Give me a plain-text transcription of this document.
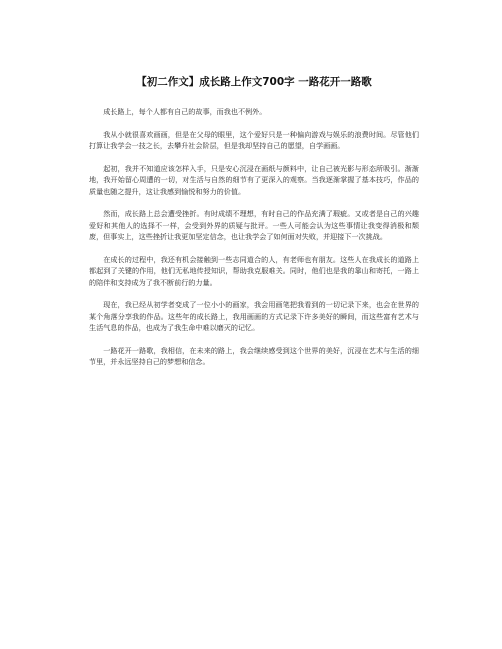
【初二作文】成长路上作文700字 一路花开一路歌

成长路上，每个人都有自己的故事，而我也不例外。

我从小就很喜欢画画，但是在父母的眼里，这个爱好只是一种偏向游戏与娱乐的浪费时间。尽管他们打算让我学会一技之长，去攀升社会阶层，但是我却坚持自己的愿望，自学画画。

起初，我并不知道应该怎样入手，只是安心沉浸在画纸与颜料中，让自己被光影与形态所吸引。渐渐地，我开始留心周遭的一切，对生活与自然的细节有了更深入的观察。当我逐渐掌握了基本技巧，作品的质量也随之提升，这让我感到愉悦和努力的价值。

然而，成长路上总会遭受挫折。有时成绩不理想，有时自己的作品充满了瑕疵。又或者是自己的兴趣爱好和其他人的选择不一样，会受到外界的质疑与批评。一些人可能会认为这些事情让我变得消极和颓废，但事实上，这些挫折让我更加坚定信念，也让我学会了如何面对失败，并迎接下一次挑战。

在成长的过程中，我还有机会接触到一些志同道合的人，有老师也有朋友。这些人在我成长的道路上都起到了关键的作用，他们无私地传授知识，帮助我克服难关。同时，他们也是我的靠山和寄托，一路上的陪伴和支持成为了我不断前行的力量。

现在，我已经从初学者变成了一位小小的画家，我会用画笔把我看到的一切记录下来，也会在世界的某个角落分享我的作品。这些年的成长路上，我用画画的方式记录下许多美好的瞬间，而这些富有艺术与生活气息的作品，也成为了我生命中难以磨灭的记忆。

一路花开一路歌，我相信，在未来的路上，我会继续感受到这个世界的美好，沉浸在艺术与生活的细节里，并永远坚持自己的梦想和信念。
